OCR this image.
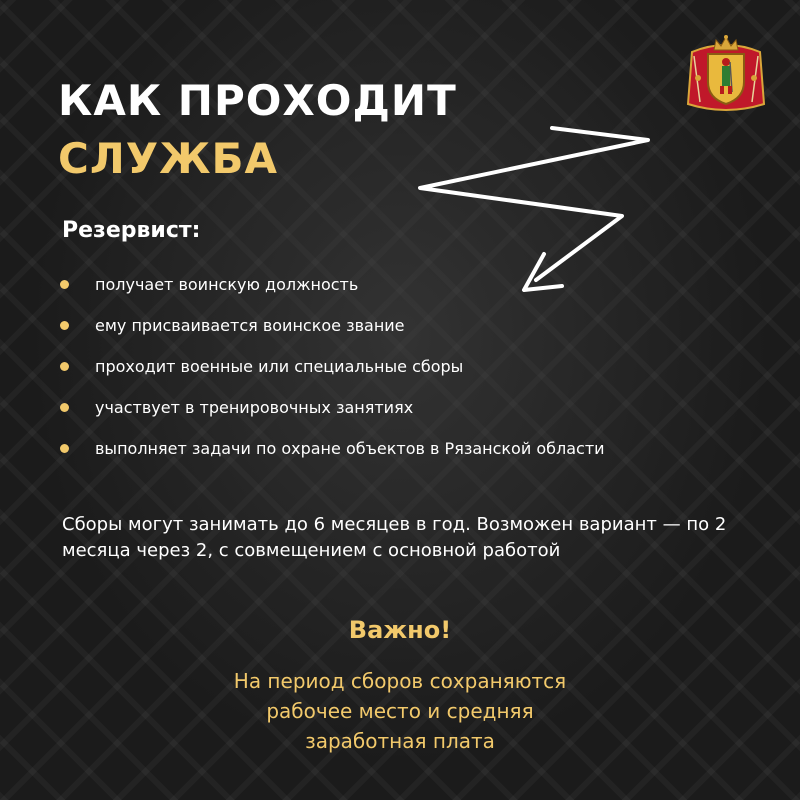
КАК ПРОХОДИТ
СЛУЖБА
Резервист:
получает воинскую должность
ему присваивается воинское звание
проходит военные или специальные сборы
участвует в тренировочных занятиях
выполняет задачи по охране объектов в Рязанской области

Сборы могут занимать до 6 месяцев в год. Возможен вариант — по 2 месяца через 2, с совмещением с основной работой

Важно!

На период сборов сохраняются
рабочее место и средняя
заработная плата
